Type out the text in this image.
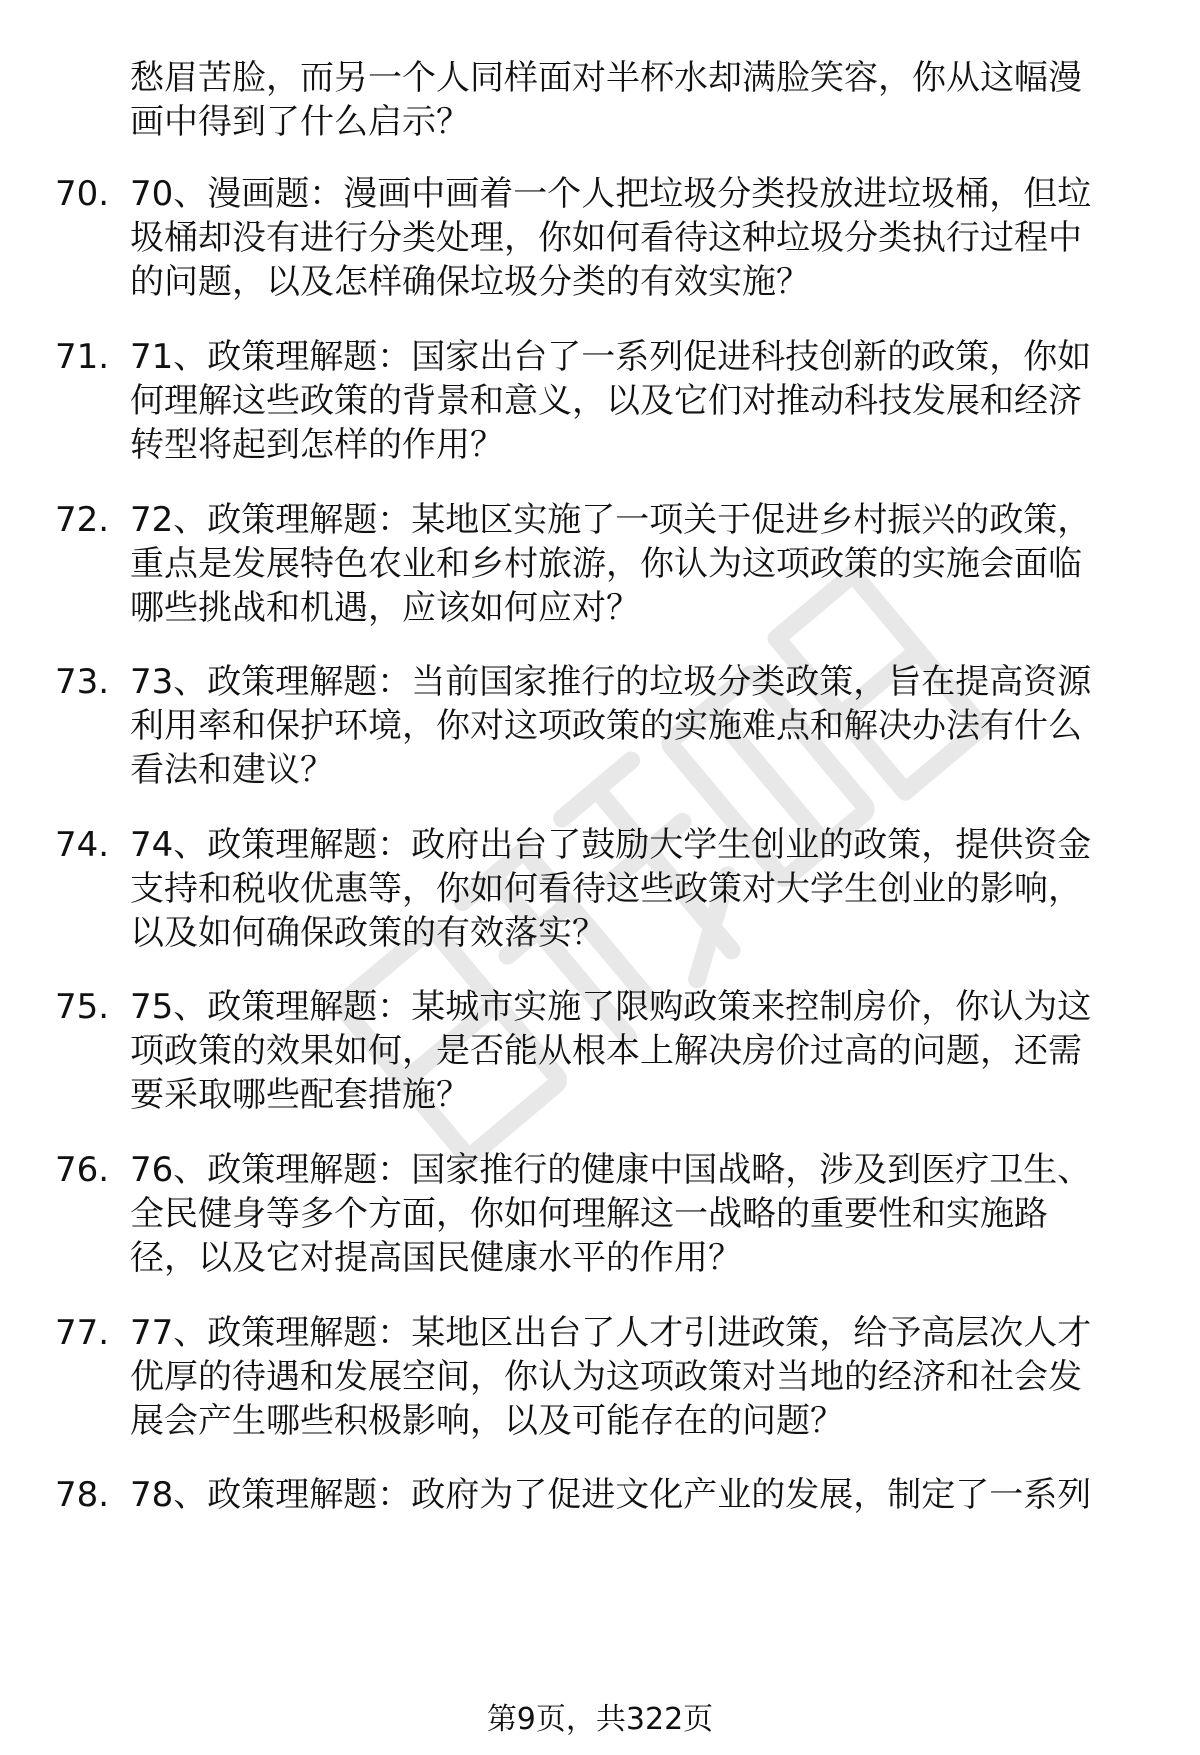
愁眉苦脸，而另一个人同样面对半杯水却满脸笑容，你从这幅漫
画中得到了什么启示？
70. 70、漫画题：漫画中画着一个人把垃圾分类投放进垃圾桶，但垃
圾桶却没有进行分类处理，你如何看待这种垃圾分类执行过程中
的问题，以及怎样确保垃圾分类的有效实施？
71. 71、政策理解题：国家出台了一系列促进科技创新的政策，你如
何理解这些政策的背景和意义，以及它们对推动科技发展和经济
转型将起到怎样的作用？
72. 72、政策理解题：某地区实施了一项关于促进乡村振兴的政策，
重点是发展特色农业和乡村旅游，你认为这项政策的实施会面临
哪些挑战和机遇，应该如何应对？
73. 73、政策理解题：当前国家推行的垃圾分类政策，旨在提高资源
利用率和保护环境，你对这项政策的实施难点和解决办法有什么
看法和建议？
74. 74、政策理解题：政府出台了鼓励大学生创业的政策，提供资金
支持和税收优惠等，你如何看待这些政策对大学生创业的影响，
以及如何确保政策的有效落实？
75. 75、政策理解题：某城市实施了限购政策来控制房价，你认为这
项政策的效果如何，是否能从根本上解决房价过高的问题，还需
要采取哪些配套措施？
76. 76、政策理解题：国家推行的健康中国战略，涉及到医疗卫生、
全民健身等多个方面，你如何理解这一战略的重要性和实施路
径，以及它对提高国民健康水平的作用？
77. 77、政策理解题：某地区出台了人才引进政策，给予高层次人才
优厚的待遇和发展空间，你认为这项政策对当地的经济和社会发
展会产生哪些积极影响，以及可能存在的问题？
78. 78、政策理解题：政府为了促进文化产业的发展，制定了一系列
第9页，共322页
